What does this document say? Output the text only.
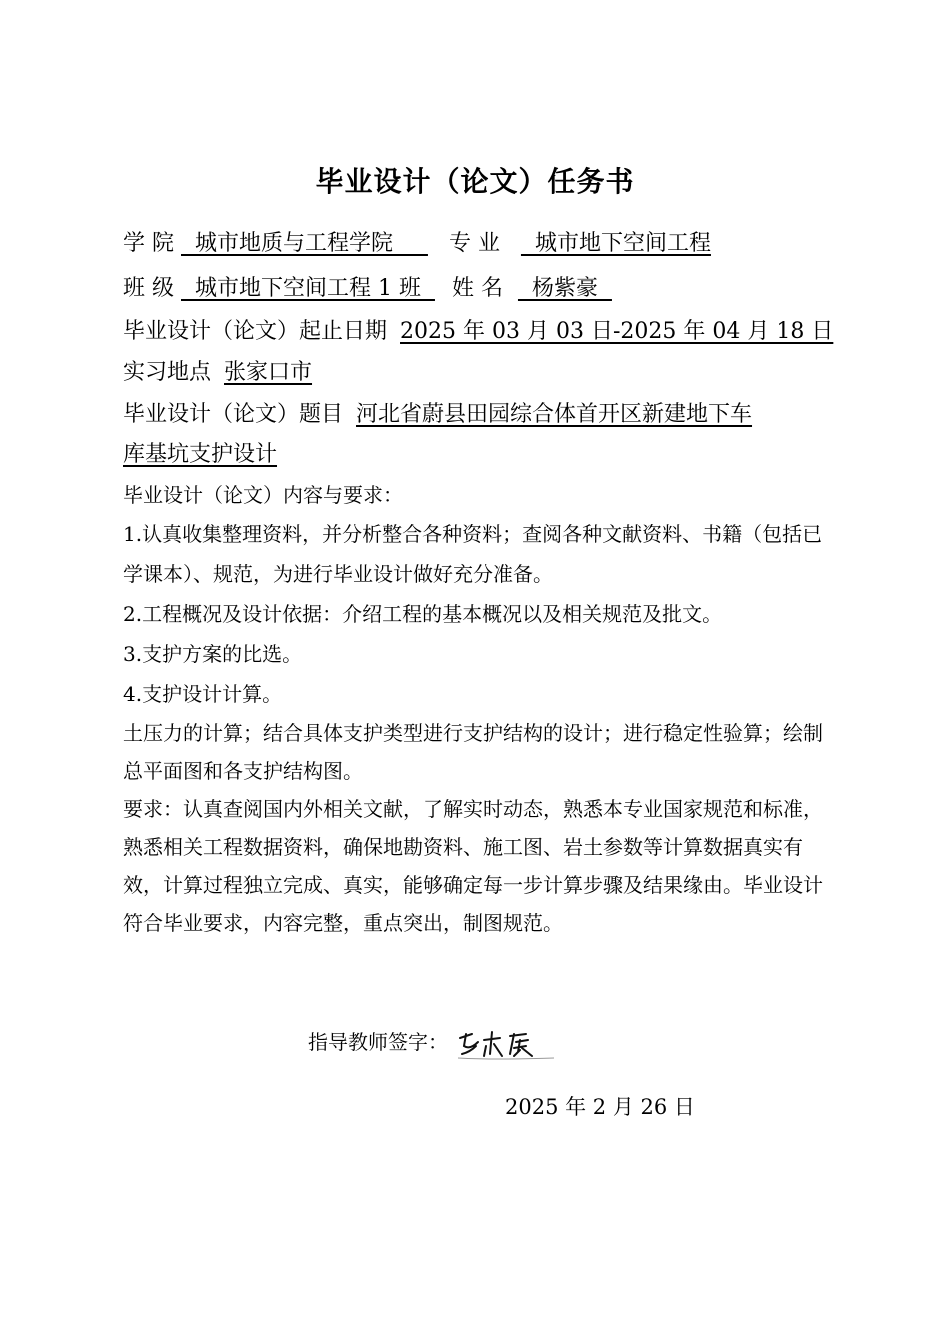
毕业设计（论文）任务书
学 院   城市地质与工程学院      专 业   城市地下空间工程
班 级   城市地下空间工程 1 班   姓 名   杨紫豪
毕业设计（论文）起止日期 2025 年 03 月 03 日-2025 年 04 月 18 日
实习地点 张家口市
毕业设计（论文）题目 河北省蔚县田园综合体首开区新建地下车
库基坑支护设计

毕业设计（论文）内容与要求：

1.认真收集整理资料，并分析整合各种资料；查阅各种文献资料、书籍（包括已学课本）、规范，为进行毕业设计做好充分准备。

2.工程概况及设计依据：介绍工程的基本概况以及相关规范及批文。

3.支护方案的比选。

4.支护设计计算。

土压力的计算；结合具体支护类型进行支护结构的设计；进行稳定性验算；绘制总平面图和各支护结构图。

要求：认真查阅国内外相关文献，了解实时动态，熟悉本专业国家规范和标准，熟悉相关工程数据资料，确保地勘资料、施工图、岩土参数等计算数据真实有效，计算过程独立完成、真实，能够确定每一步计算步骤及结果缘由。毕业设计符合毕业要求，内容完整，重点突出，制图规范。

指导教师签字：
2025 年 2 月 26 日
